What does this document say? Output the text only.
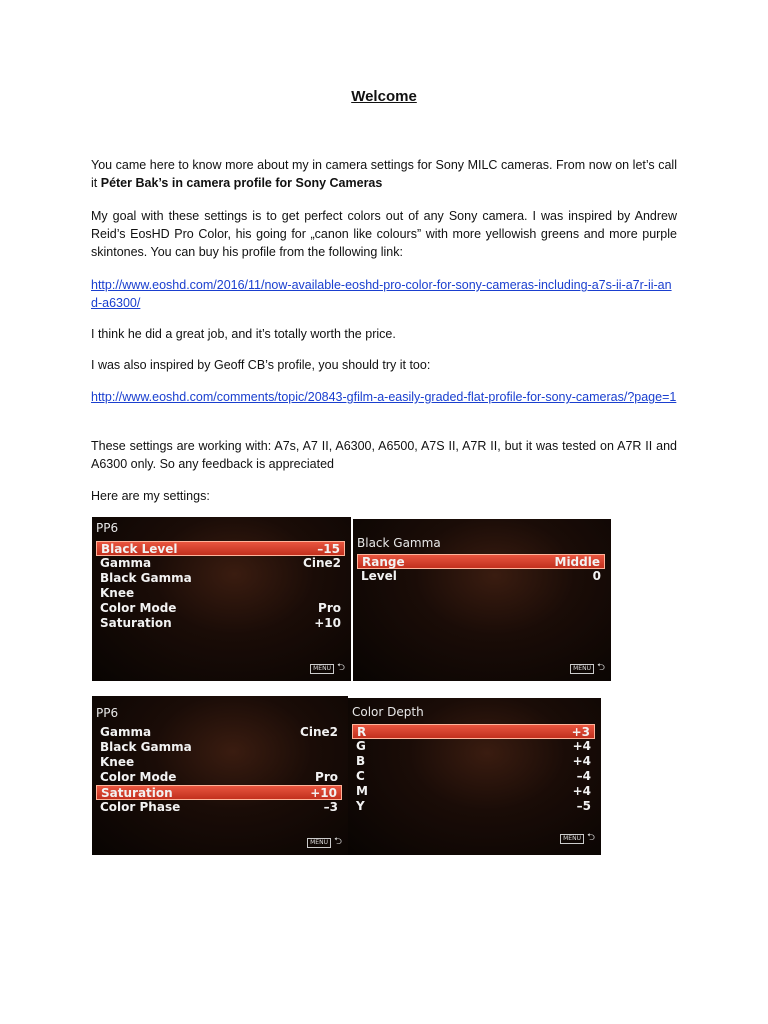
Welcome

You came here to know more about my in camera settings for Sony MILC cameras. From now on let’s call it Péter Bak’s in camera profile for Sony Cameras

My goal with these settings is to get perfect colors out of any Sony camera. I was inspired by Andrew Reid’s EosHD Pro Color, his going for „canon like colours” with more yellowish greens and more purple skintones. You can buy his profile from the following link:

http://www.eoshd.com/2016/11/now-available-eoshd-pro-color-for-sony-cameras-including-a7s-ii-a7r-ii-and-a6300/

I think he did a great job, and it’s totally worth the price.

I was also inspired by Geoff CB’s profile, you should try it too:

http://www.eoshd.com/comments/topic/20843-gfilm-a-easily-graded-flat-profile-for-sony-cameras/?page=1

These settings are working with: A7s, A7 II, A6300, A6500, A7S II, A7R II, but it was tested on A7R II and A6300 only. So any feedback is appreciated

Here are my settings:

PP6
Black Level	–15
Gamma	Cine2
Black Gamma
Knee
Color Mode	Pro
Saturation	+10
MENU ⮌
Black Gamma
Range	Middle
Level	0
MENU ⮌
PP6
Gamma	Cine2
Black Gamma
Knee
Color Mode	Pro
Saturation	+10
Color Phase	–3
MENU ⮌
Color Depth
R	+3
G	+4
B	+4
C	–4
M	+4
Y	–5
MENU ⮌
